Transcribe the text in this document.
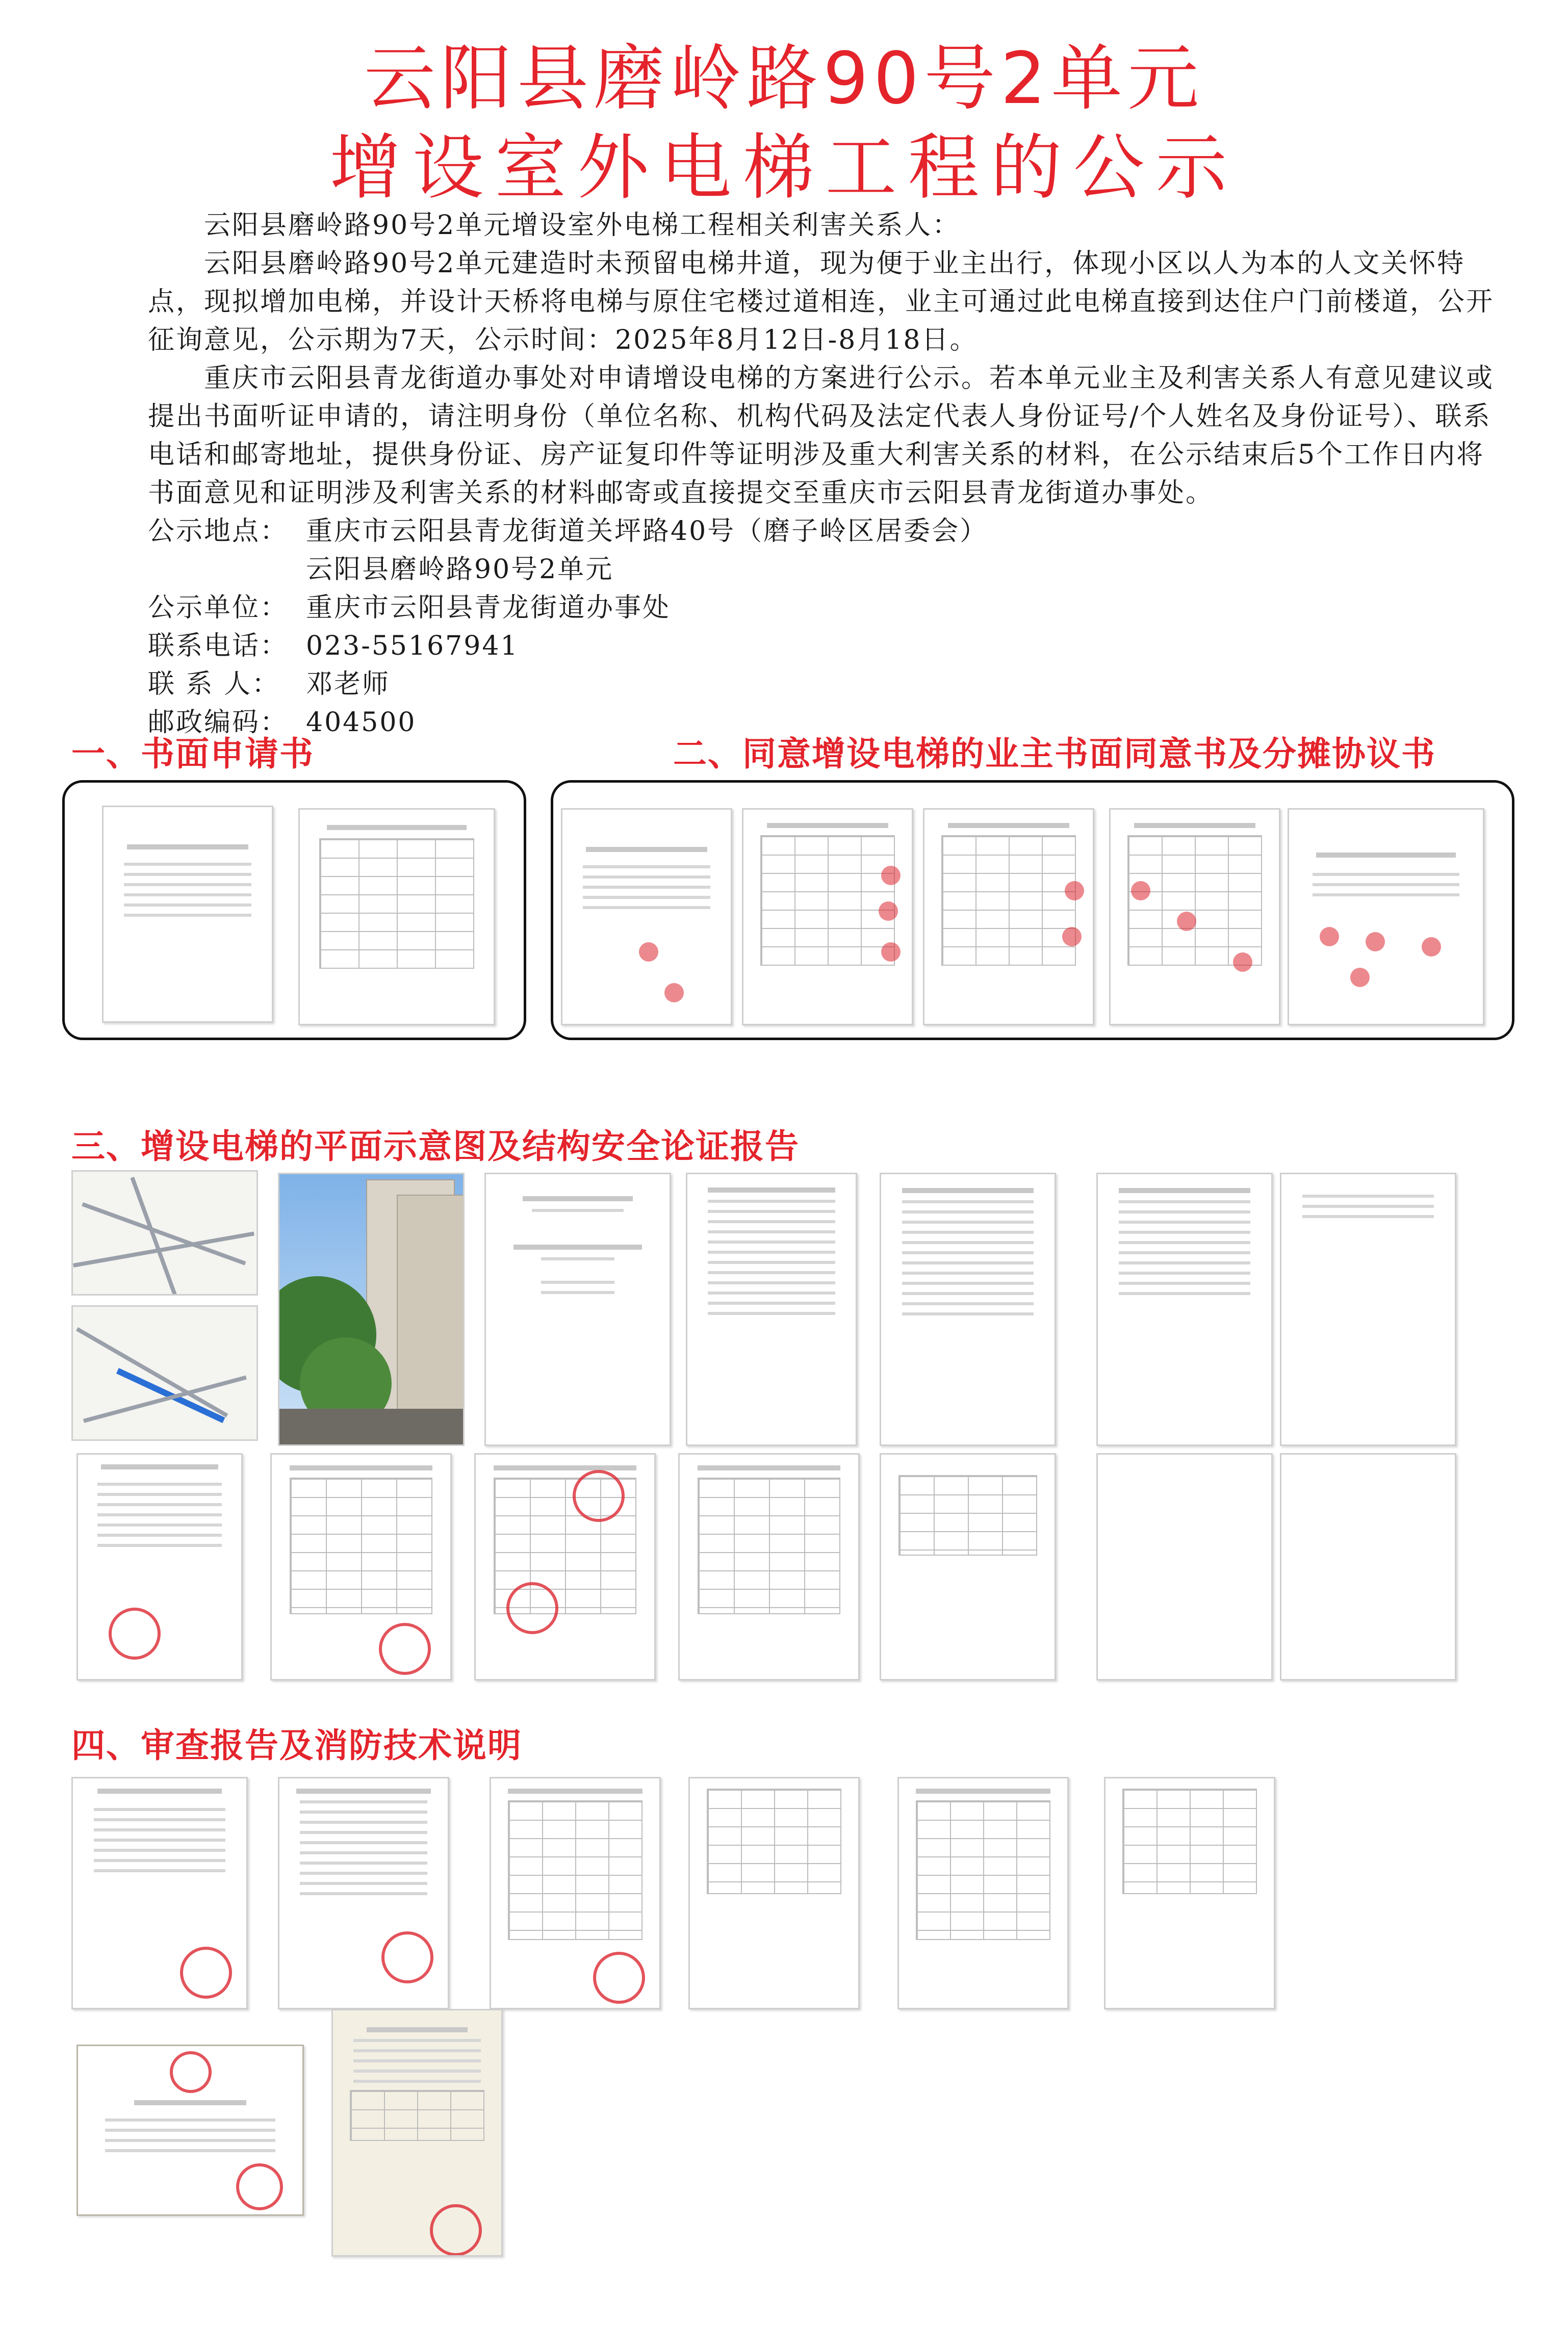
云阳县磨岭路90号2单元
增设室外电梯工程的公示

云阳县磨岭路90号2单元增设室外电梯工程相关利害关系人：

云阳县磨岭路90号2单元建造时未预留电梯井道，现为便于业主出行，体现小区以人为本的人文关怀特点，现拟增加电梯，并设计天桥将电梯与原住宅楼过道相连，业主可通过此电梯直接到达住户门前楼道，公开征询意见，公示期为7天，公示时间：2025年8月12日-8月18日。

重庆市云阳县青龙街道办事处对申请增设电梯的方案进行公示。若本单元业主及利害关系人有意见建议或提出书面听证申请的，请注明身份（单位名称、机构代码及法定代表人身份证号/个人姓名及身份证号）、联系电话和邮寄地址，提供身份证、房产证复印件等证明涉及重大利害关系的材料，在公示结束后5个工作日内将书面意见和证明涉及利害关系的材料邮寄或直接提交至重庆市云阳县青龙街道办事处。

公示地点： 重庆市云阳县青龙街道关坪路40号（磨子岭区居委会）
云阳县磨岭路90号2单元
公示单位： 重庆市云阳县青龙街道办事处
联系电话： 023-55167941
联 系 人： 邓老师
邮政编码： 404500
一、书面申请书	二、同意增设电梯的业主书面同意书及分摊协议书
三、增设电梯的平面示意图及结构安全论证报告
四、审查报告及消防技术说明
